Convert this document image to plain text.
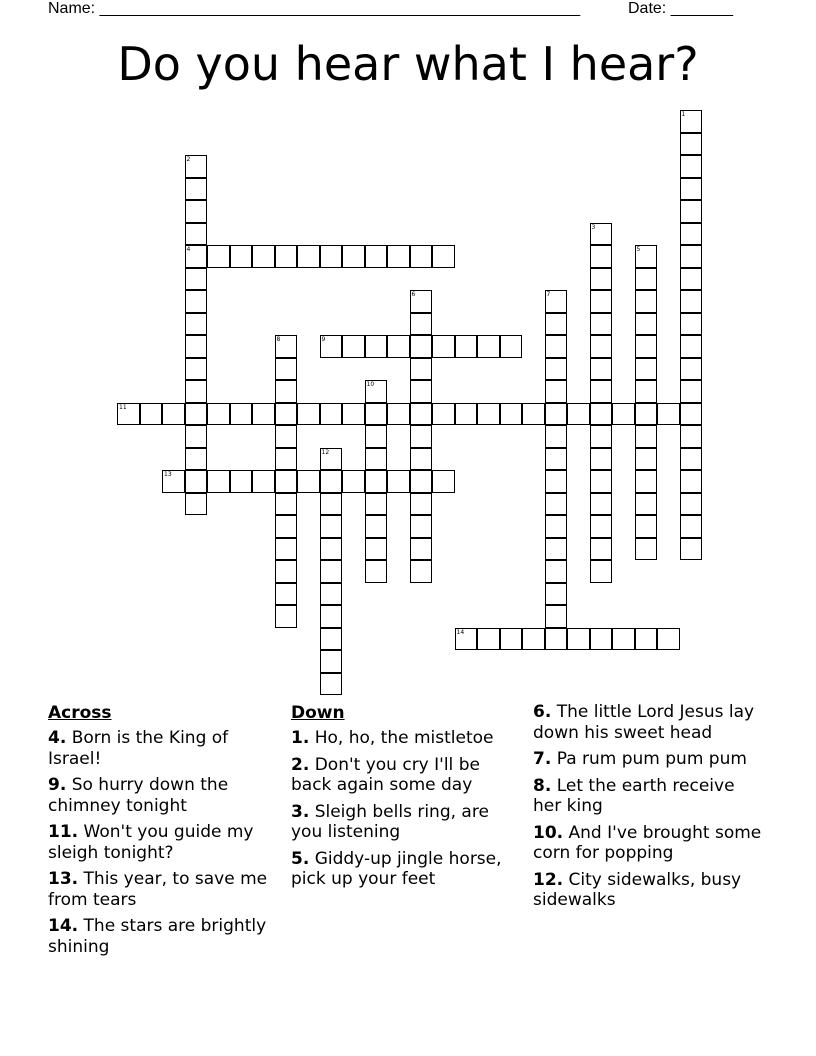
Name: ______________________________________________________	Date: _______
Do you hear what I hear?
1
2
4
3
5
6	7
8	9
10
11
12
13
14
Across
4. Born is the King of Israel!
9. So hurry down the chimney tonight
11. Won't you guide my sleigh tonight?
13. This year, to save me from tears
14. The stars are brightly shining
Down
1. Ho, ho, the mistletoe
2. Don't you cry I'll be back again some day
3. Sleigh bells ring, are you listening
5. Giddy-up jingle horse, pick up your feet
6. The little Lord Jesus lay down his sweet head
7. Pa rum pum pum pum
8. Let the earth receive her king
10. And I've brought some corn for popping
12. City sidewalks, busy sidewalks
